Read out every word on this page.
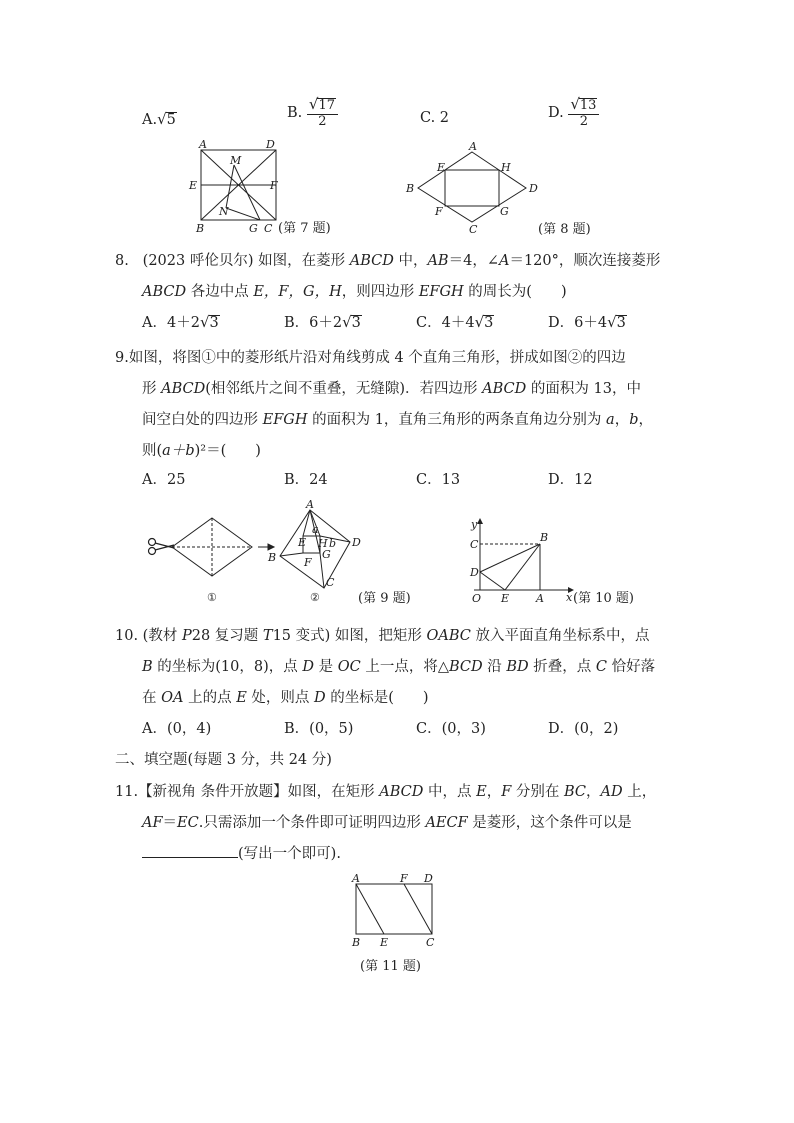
A.√5	B. $\frac{√17}{2}$	C. 2	D. $\frac{√13}{2}$
A	D
M
E	F
N
B	G C (第 7 题)
A
E	H
B	D
F	G
C	(第 8 题)
8. (2023 呼伦贝尔) 如图，在菱形 ABCD 中，AB＝4，∠A＝120°，顺次连接菱形
ABCD 各边中点 E，F，G，H，则四边形 EFGH 的周长为(　　)
A．4＋2√3	B．6＋2√3	C．4＋4√3	D．6＋4√3
9.如图，将图①中的菱形纸片沿对角线剪成 4 个直角三角形，拼成如图②的四边
形 ABCD(相邻纸片之间不重叠，无缝隙)．若四边形 ABCD 的面积为 13，中
间空白处的四边形 EFGH 的面积为 1，直角三角形的两条直角边分别为 a，b，
则(a＋b)²＝(　　)
A．25	B．24	C．13	D．12
A
a
E H b D
B	G
F
C
①	②	(第 9 题)
y
C
B
D
O E A x (第 10 题)
10. (教材 P28 复习题 T15 变式) 如图，把矩形 OABC 放入平面直角坐标系中，点
B 的坐标为(10，8)，点 D 是 OC 上一点，将△BCD 沿 BD 折叠，点 C 恰好落
在 OA 上的点 E 处，则点 D 的坐标是(　　)
A．(0，4)	B．(0，5)	C．(0，3)	D．(0，2)
二、填空题(每题 3 分，共 24 分)
11.【新视角 条件开放题】如图，在矩形 ABCD 中，点 E，F 分别在 BC，AD 上，
AF＝EC.只需添加一个条件即可证明四边形 AECF 是菱形，这个条件可以是
(写出一个即可).
A	F D
B E	C
(第 11 题)
